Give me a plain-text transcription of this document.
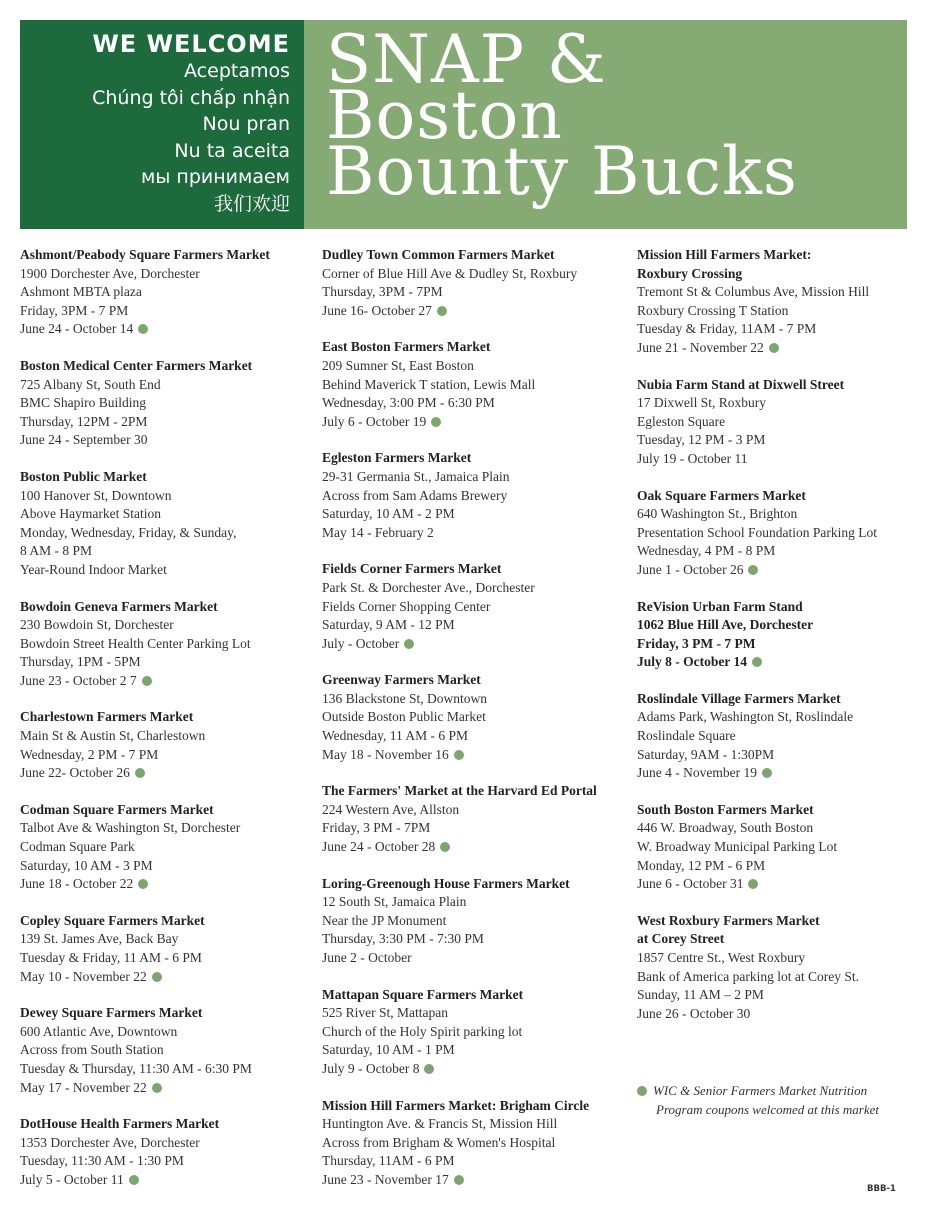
WE WELCOME
Aceptamos
Chúng tôi chấp nhận
Nou pran
Nu ta aceita
мы принимаем
我们欢迎
SNAP &
Boston
Bounty Bucks
Ashmont/Peabody Square Farmers Market
1900 Dorchester Ave, Dorchester
Ashmont MBTA plaza
Friday, 3PM - 7 PM
June 24 - October 14
Boston Medical Center Farmers Market
725 Albany St, South End
BMC Shapiro Building
Thursday, 12PM - 2PM
June 24 - September 30
Boston Public Market
100 Hanover St, Downtown
Above Haymarket Station
Monday, Wednesday, Friday, & Sunday,
8 AM - 8 PM
Year-Round Indoor Market
Bowdoin Geneva Farmers Market
230 Bowdoin St, Dorchester
Bowdoin Street Health Center Parking Lot
Thursday, 1PM - 5PM
June 23 - October 2 7
Charlestown Farmers Market
Main St & Austin St, Charlestown
Wednesday, 2 PM - 7 PM
June 22- October 26
Codman Square Farmers Market
Talbot Ave & Washington St, Dorchester
Codman Square Park
Saturday, 10 AM - 3 PM
June 18 - October 22
Copley Square Farmers Market
139 St. James Ave, Back Bay
Tuesday & Friday, 11 AM - 6 PM
May 10 - November 22
Dewey Square Farmers Market
600 Atlantic Ave, Downtown
Across from South Station
Tuesday & Thursday, 11:30 AM - 6:30 PM
May 17 - November 22
DotHouse Health Farmers Market
1353 Dorchester Ave, Dorchester
Tuesday, 11:30 AM - 1:30 PM
July 5 - October 11
Dudley Town Common Farmers Market
Corner of Blue Hill Ave & Dudley St, Roxbury
Thursday, 3PM - 7PM
June 16- October 27
East Boston Farmers Market
209 Sumner St, East Boston
Behind Maverick T station, Lewis Mall
Wednesday, 3:00 PM - 6:30 PM
July 6 - October 19
Egleston Farmers Market
29-31 Germania St., Jamaica Plain
Across from Sam Adams Brewery
Saturday, 10 AM - 2 PM
May 14 - February 2
Fields Corner Farmers Market
Park St. & Dorchester Ave., Dorchester
Fields Corner Shopping Center
Saturday, 9 AM - 12 PM
July - October
Greenway Farmers Market
136 Blackstone St, Downtown
Outside Boston Public Market
Wednesday, 11 AM - 6 PM
May 18 - November 16
The Farmers' Market at the Harvard Ed Portal
224 Western Ave, Allston
Friday, 3 PM - 7PM
June 24 - October 28
Loring-Greenough House Farmers Market
12 South St, Jamaica Plain
Near the JP Monument
Thursday, 3:30 PM - 7:30 PM
June 2 - October
Mattapan Square Farmers Market
525 River St, Mattapan
Church of the Holy Spirit parking lot
Saturday, 10 AM - 1 PM
July 9 - October 8
Mission Hill Farmers Market: Brigham Circle
Huntington Ave. & Francis St, Mission Hill
Across from Brigham & Women's Hospital
Thursday, 11AM - 6 PM
June 23 - November 17
Mission Hill Farmers Market:
Roxbury Crossing
Tremont St & Columbus Ave, Mission Hill
Roxbury Crossing T Station
Tuesday & Friday, 11AM - 7 PM
June 21 - November 22
Nubia Farm Stand at Dixwell Street
17 Dixwell St, Roxbury
Egleston Square
Tuesday, 12 PM - 3 PM
July 19 - October 11
Oak Square Farmers Market
640 Washington St., Brighton
Presentation School Foundation Parking Lot
Wednesday, 4 PM - 8 PM
June 1 - October 26
ReVision Urban Farm Stand
1062 Blue Hill Ave, Dorchester
Friday, 3 PM - 7 PM
July 8 - October 14
Roslindale Village Farmers Market
Adams Park, Washington St, Roslindale
Roslindale Square
Saturday, 9AM - 1:30PM
June 4 - November 19
South Boston Farmers Market
446 W. Broadway, South Boston
W. Broadway Municipal Parking Lot
Monday, 12 PM - 6 PM
June 6 - October 31
West Roxbury Farmers Market
at Corey Street
1857 Centre St., West Roxbury
Bank of America parking lot at Corey St.
Sunday, 11 AM – 2 PM
June 26 - October 30
WIC & Senior Farmers Market Nutrition
Program coupons welcomed at this market
BBB-1
